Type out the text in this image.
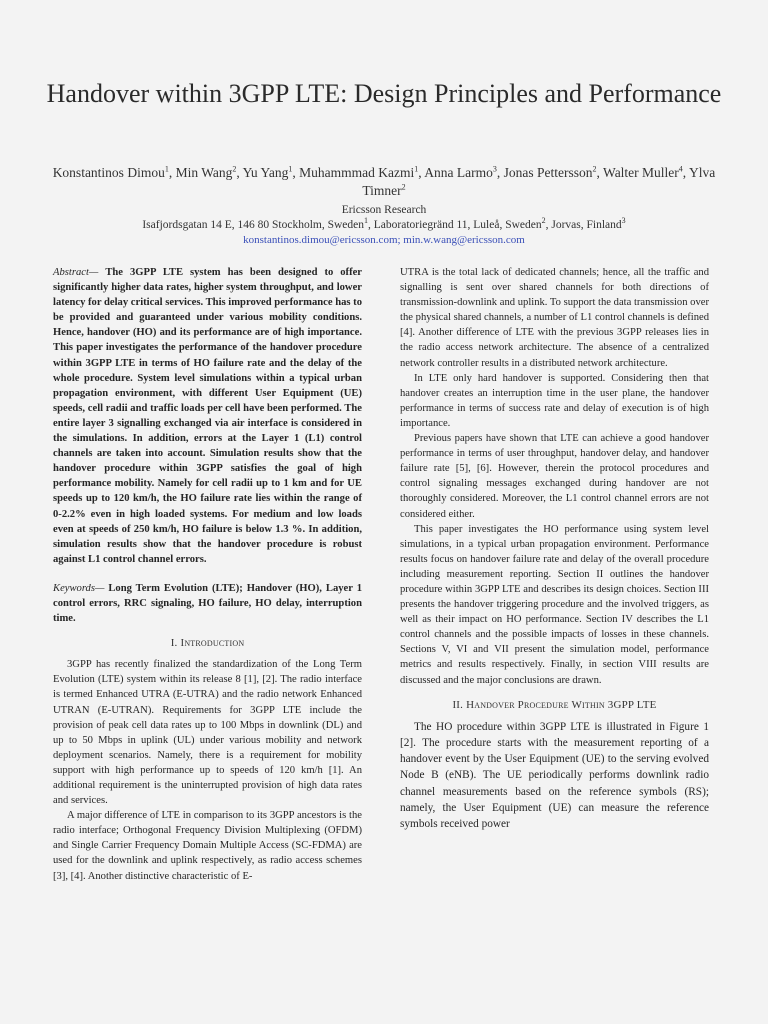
Handover within 3GPP LTE: Design Principles and Performance
Konstantinos Dimou$^1$, Min Wang$^2$, Yu Yang$^1$, Muhammmad Kazmi$^1$, Anna Larmo$^3$, Jonas Pettersson$^2$, Walter Muller$^4$, Ylva Timner$^2$
Ericsson Research
Isafjordsgatan 14 E, 146 80 Stockholm, Sweden$^1$, Laboratoriegränd 11, Luleå, Sweden$^2$, Jorvas, Finland$^3$
konstantinos.dimou@ericsson.com; min.w.wang@ericsson.com

Abstract— The 3GPP LTE system has been designed to offer significantly higher data rates, higher system throughput, and lower latency for delay critical services. This improved performance has to be provided and guaranteed under various mobility conditions. Hence, handover (HO) and its performance are of high importance. This paper investigates the performance of the handover procedure within 3GPP LTE in terms of HO failure rate and the delay of the whole procedure. System level simulations within a typical urban propagation environment, with different User Equipment (UE) speeds, cell radii and traffic loads per cell have been performed. The entire layer 3 signalling exchanged via air interface is considered in the simulations. In addition, errors at the Layer 1 (L1) control channels are taken into account. Simulation results show that the handover procedure within 3GPP satisfies the goal of high performance mobility. Namely for cell radii up to 1 km and for UE speeds up to 120 km/h, the HO failure rate lies within the range of 0-2.2% even in high loaded systems. For medium and low loads even at speeds of 250 km/h, HO failure is below 1.3 %. In addition, simulation results show that the handover procedure is robust against L1 control channel errors.

Keywords— Long Term Evolution (LTE); Handover (HO), Layer 1 control errors, RRC signaling, HO failure, HO delay, interruption time.

I. Introduction

3GPP has recently finalized the standardization of the Long Term Evolution (LTE) system within its release 8 [1], [2]. The radio interface is termed Enhanced UTRA (E-UTRA) and the radio network Enhanced UTRAN (E-UTRAN). Requirements for 3GPP LTE include the provision of peak cell data rates up to 100 Mbps in downlink (DL) and up to 50 Mbps in uplink (UL) under various mobility and network deployment scenarios. Namely, there is a requirement for mobility support with high performance up to speeds of 120 km/h [1]. An additional requirement is the uninterrupted provision of high data rates and services.

A major difference of LTE in comparison to its 3GPP ancestors is the radio interface; Orthogonal Frequency Division Multiplexing (OFDM) and Single Carrier Frequency Domain Multiple Access (SC-FDMA) are used for the downlink and uplink respectively, as radio access schemes [3], [4]. Another distinctive characteristic of E-

UTRA is the total lack of dedicated channels; hence, all the traffic and signalling is sent over shared channels for both directions of transmission-downlink and uplink. To support the data transmission over the physical shared channels, a number of L1 control channels is defined [4]. Another difference of LTE with the previous 3GPP releases lies in the radio access network architecture. The absence of a centralized network controller results in a distributed network architecture.

In LTE only hard handover is supported. Considering then that handover creates an interruption time in the user plane, the handover performance in terms of success rate and delay of execution is of high importance.

Previous papers have shown that LTE can achieve a good handover performance in terms of user throughput, handover delay, and handover failure rate [5], [6]. However, therein the protocol procedures and control signaling messages exchanged during handover are not thoroughly considered. Moreover, the L1 control channel errors are not considered either.

This paper investigates the HO performance using system level simulations, in a typical urban propagation environment. Performance results focus on handover failure rate and delay of the overall procedure including measurement reporting. Section II outlines the handover procedure within 3GPP LTE and describes its design choices. Section III presents the handover triggering procedure and the involved triggers, as well as their impact on HO performance. Section IV describes the L1 control channels and the possible impacts of losses in these channels. Sections V, VI and VII present the simulation model, performance metrics and results respectively. Finally, in section VIII results are discussed and the major conclusions are drawn.

II. Handover Procedure Within 3GPP LTE

The HO procedure within 3GPP LTE is illustrated in Figure 1 [2]. The procedure starts with the measurement reporting of a handover event by the User Equipment (UE) to the serving evolved Node B (eNB). The UE periodically performs downlink radio channel measurements based on the reference symbols (RS); namely, the User Equipment (UE) can measure the reference symbols received power
